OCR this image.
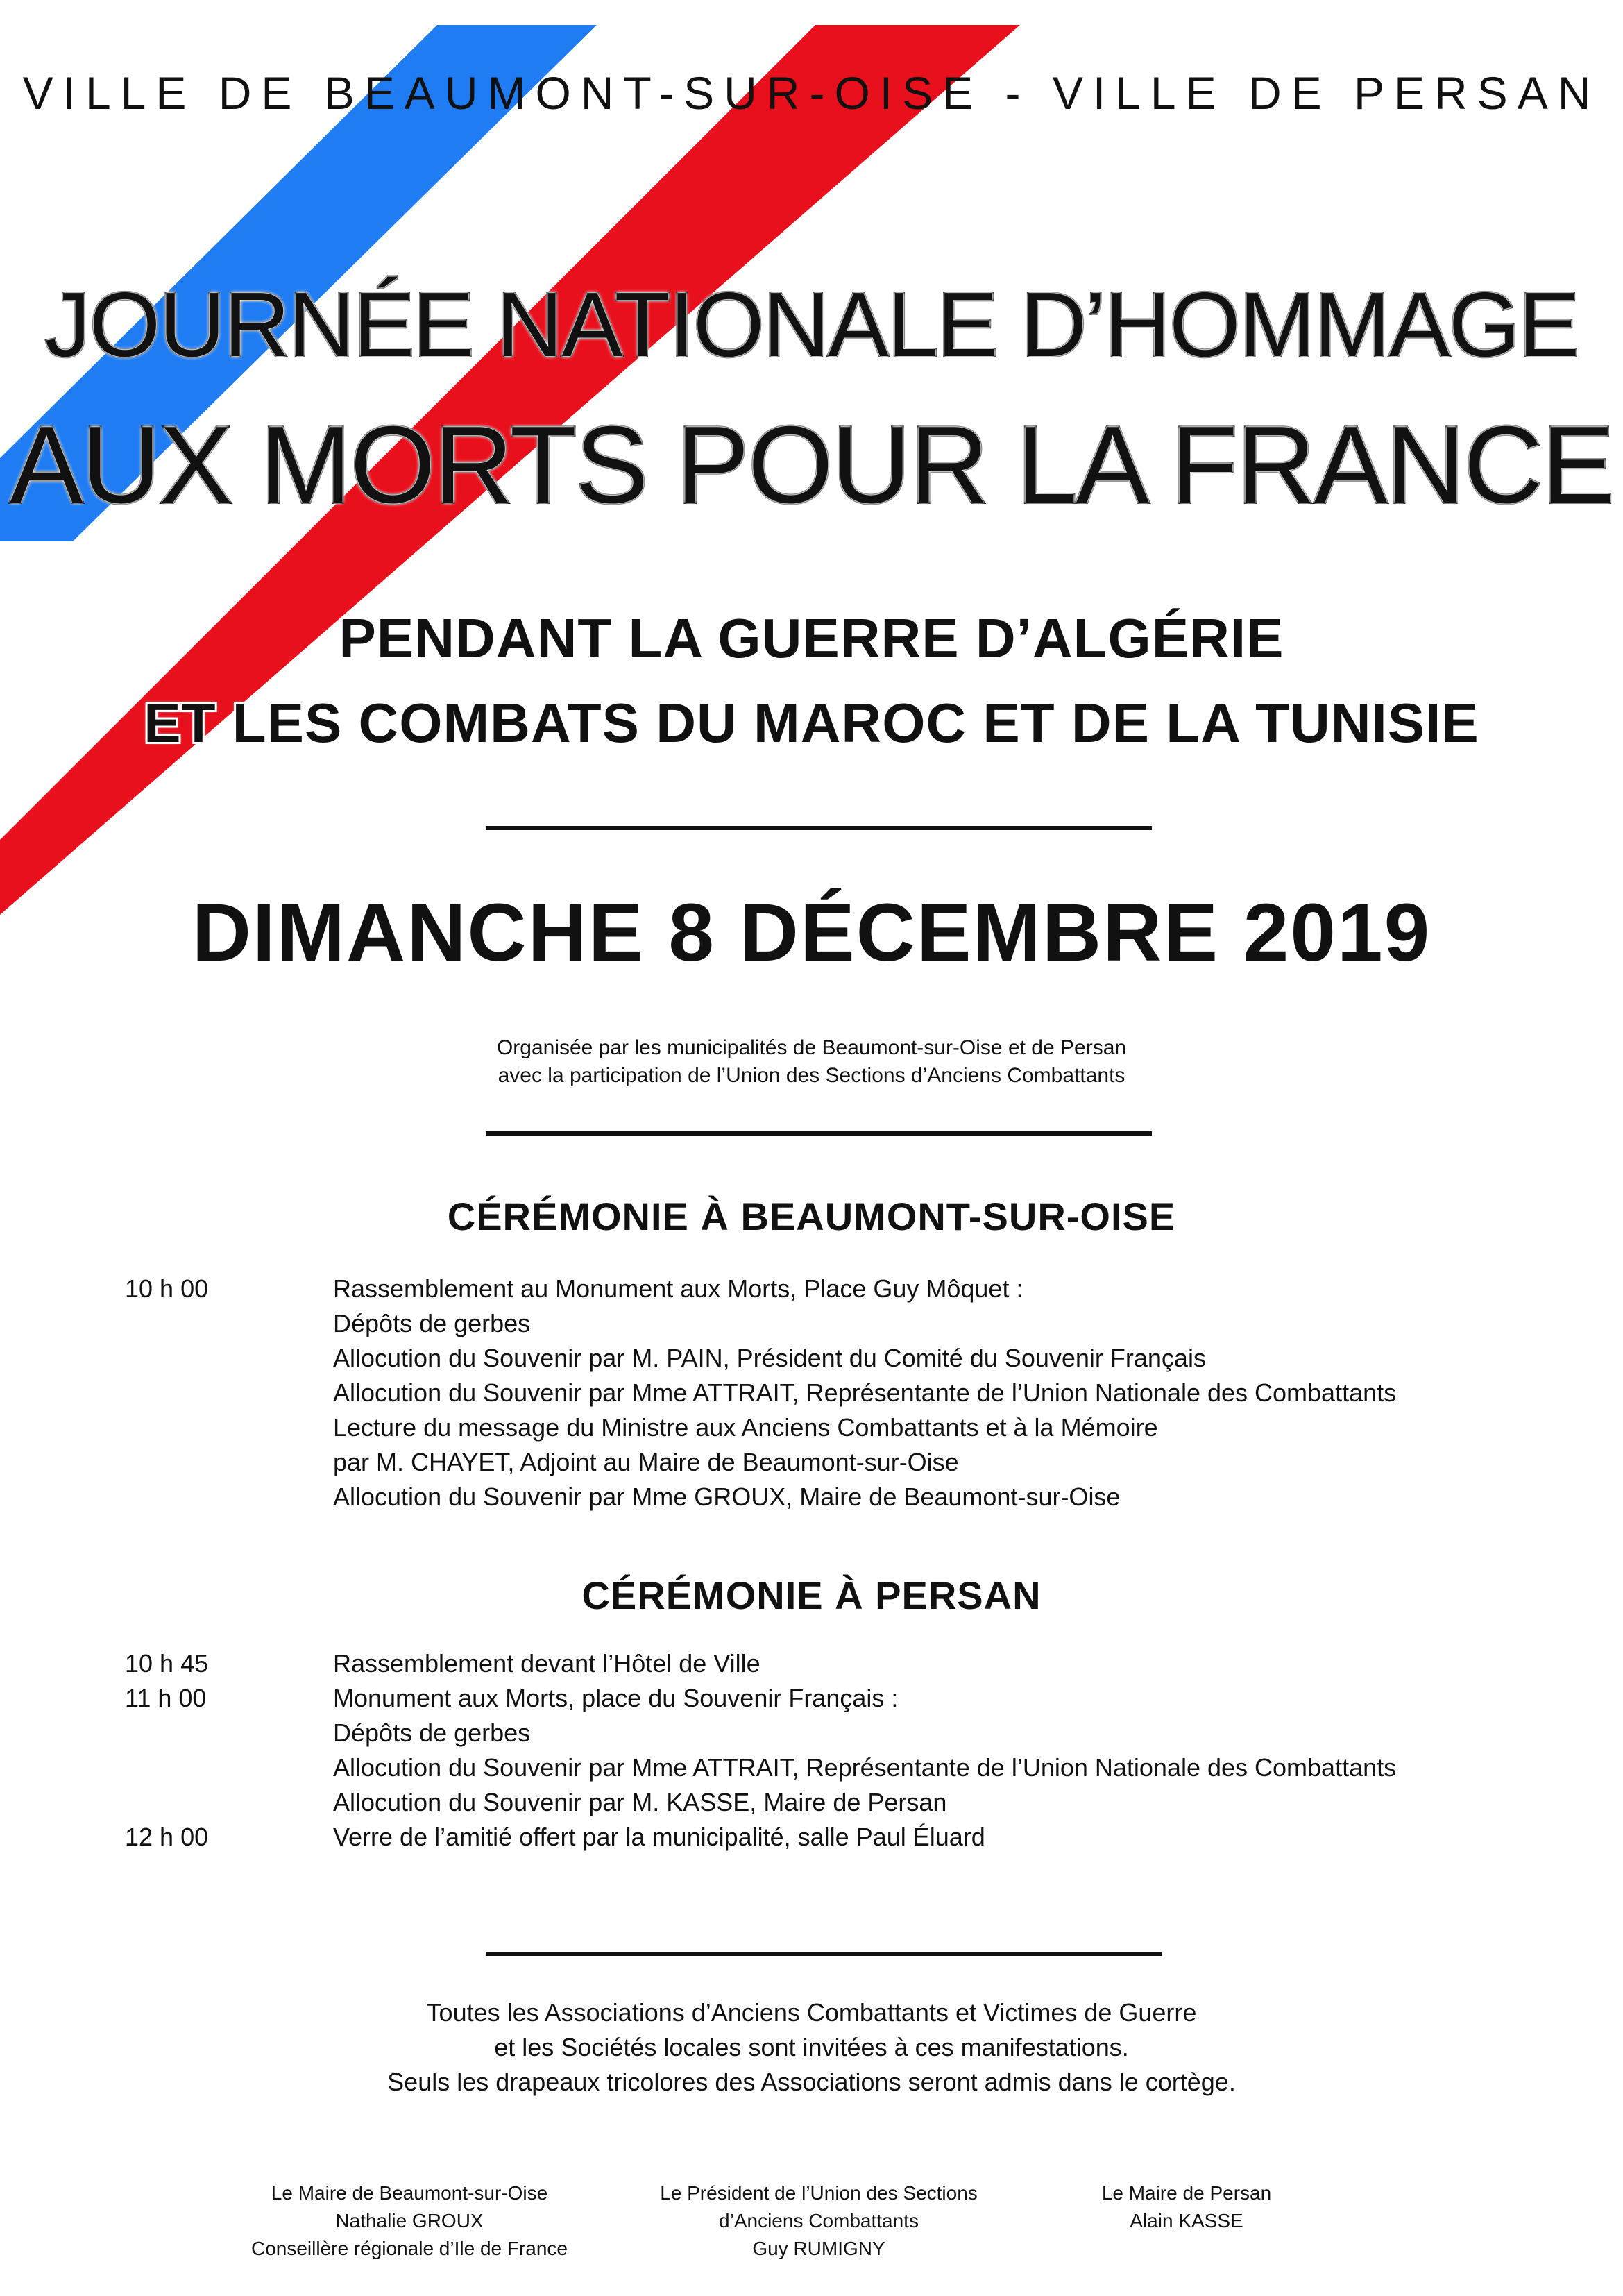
VILLE DE BEAUMONT-SUR-OISE - VILLE DE PERSAN
JOURNÉE NATIONALE D’HOMMAGE
AUX MORTS POUR LA FRANCE
PENDANT LA GUERRE D’ALGÉRIE
ET LES COMBATS DU MAROC ET DE LA TUNISIE
DIMANCHE 8 DÉCEMBRE 2019
Organisée par les municipalités de Beaumont-sur-Oise et de Persan
avec la participation de l’Union des Sections d’Anciens Combattants
CÉRÉMONIE À BEAUMONT-SUR-OISE
10 h 00	Rassemblement au Monument aux Morts, Place Guy Môquet :
Dépôts de gerbes
Allocution du Souvenir par M. PAIN, Président du Comité du Souvenir Français
Allocution du Souvenir par Mme ATTRAIT, Représentante de l’Union Nationale des Combattants
Lecture du message du Ministre aux Anciens Combattants et à la Mémoire
par M. CHAYET, Adjoint au Maire de Beaumont-sur-Oise
Allocution du Souvenir par Mme GROUX, Maire de Beaumont-sur-Oise
CÉRÉMONIE À PERSAN
10 h 45	Rassemblement devant l’Hôtel de Ville
11 h 00	Monument aux Morts, place du Souvenir Français :
Dépôts de gerbes
Allocution du Souvenir par Mme ATTRAIT, Représentante de l’Union Nationale des Combattants
Allocution du Souvenir par M. KASSE, Maire de Persan
12 h 00	Verre de l’amitié offert par la municipalité, salle Paul Éluard
Toutes les Associations d’Anciens Combattants et Victimes de Guerre
et les Sociétés locales sont invitées à ces manifestations.
Seuls les drapeaux tricolores des Associations seront admis dans le cortège.
Le Maire de Beaumont-sur-Oise
Nathalie GROUX
Conseillère régionale d’Ile de France
Le Président de l’Union des Sections
d’Anciens Combattants
Guy RUMIGNY
Le Maire de Persan
Alain KASSE
